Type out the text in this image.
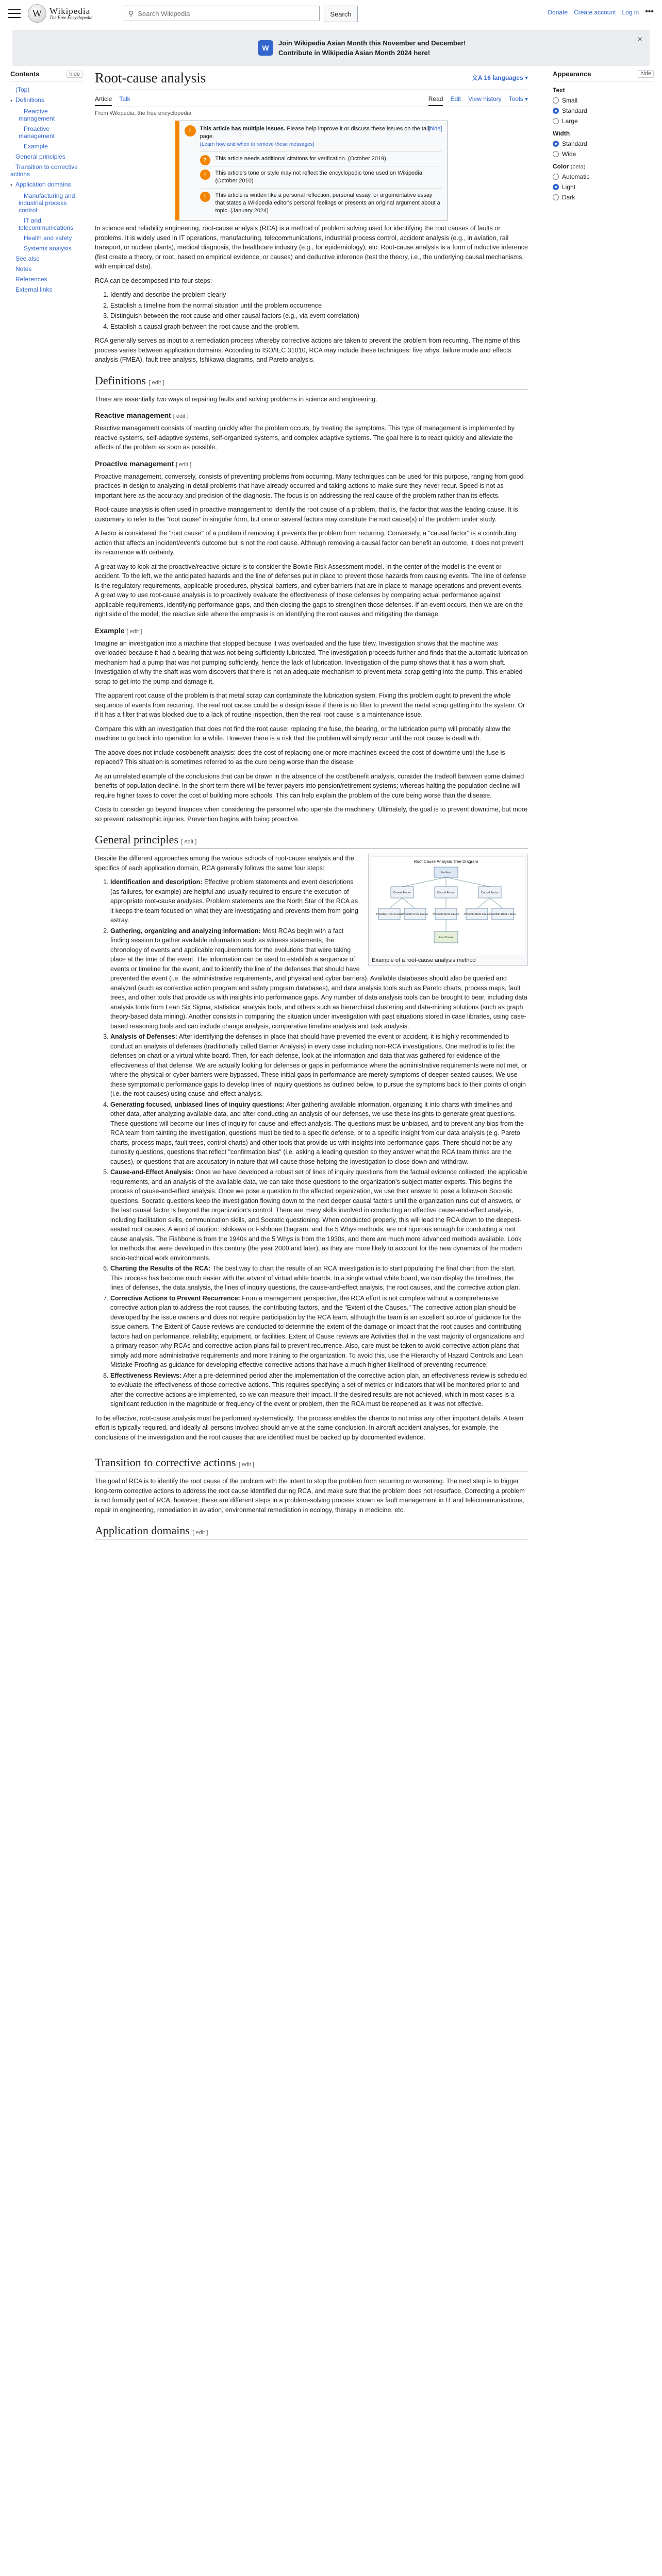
W Wikipedia
The Free Encyclopedia
⚲
Search Wikipedia	Search	Donate Create account Log in •••
W
Join Wikipedia Asian Month this November and December!
Contribute in Wikipedia Asian Month 2024 here!
×
Contents	hide
(Top)
▾ Definitions
Reactive management
Proactive management
Example
General principles
Transition to corrective actions
▾ Application domains
Manufacturing and industrial process control
IT and telecommunications
Health and safety
Systems analysis
See also
Notes
References
External links
Root-cause analysis	文A 16 languages ▾
Article Talk	Read Edit View history Tools ▾
From Wikipedia, the free encyclopedia
!	[hide]
This article has multiple issues. Please help improve it or discuss these issues on the talk page.
(Learn how and when to remove these messages)
?	This article needs additional citations for verification. (October 2019)
!	This article's tone or style may not reflect the encyclopedic tone used on Wikipedia. (October 2010)
!	This article is written like a personal reflection, personal essay, or argumentative essay that states a Wikipedia editor's personal feelings or presents an original argument about a topic. (January 2024)

In science and reliability engineering, root-cause analysis (RCA) is a method of problem solving used for identifying the root causes of faults or problems. It is widely used in IT operations, manufacturing, telecommunications, industrial process control, accident analysis (e.g., in aviation, rail transport, or nuclear plants), medical diagnosis, the healthcare industry (e.g., for epidemiology), etc. Root-cause analysis is a form of inductive inference (first create a theory, or root, based on empirical evidence, or causes) and deductive inference (test the theory, i.e., the underlying causal mechanisms, with empirical data).

RCA can be decomposed into four steps:

1. Identify and describe the problem clearly
2. Establish a timeline from the normal situation until the problem occurrence
3. Distinguish between the root cause and other causal factors (e.g., via event correlation)
4. Establish a causal graph between the root cause and the problem.

RCA generally serves as input to a remediation process whereby corrective actions are taken to prevent the problem from recurring. The name of this process varies between application domains. According to ISO/IEC 31010, RCA may include these techniques: five whys, failure mode and effects analysis (FMEA), fault tree analysis, Ishikawa diagrams, and Pareto analysis.

Definitions [ edit ]

There are essentially two ways of repairing faults and solving problems in science and engineering.

Reactive management [ edit ]

Reactive management consists of reacting quickly after the problem occurs, by treating the symptoms. This type of management is implemented by reactive systems, self-adaptive systems, self-organized systems, and complex adaptive systems. The goal here is to react quickly and alleviate the effects of the problem as soon as possible.

Proactive management [ edit ]

Proactive management, conversely, consists of preventing problems from occurring. Many techniques can be used for this purpose, ranging from good practices in design to analyzing in detail problems that have already occurred and taking actions to make sure they never recur. Speed is not as important here as the accuracy and precision of the diagnosis. The focus is on addressing the real cause of the problem rather than its effects.

Root-cause analysis is often used in proactive management to identify the root cause of a problem, that is, the factor that was the leading cause. It is customary to refer to the "root cause" in singular form, but one or several factors may constitute the root cause(s) of the problem under study.

A factor is considered the "root cause" of a problem if removing it prevents the problem from recurring. Conversely, a "causal factor" is a contributing action that affects an incident/event's outcome but is not the root cause. Although removing a causal factor can benefit an outcome, it does not prevent its recurrence with certainty.

A great way to look at the proactive/reactive picture is to consider the Bowtie Risk Assessment model. In the center of the model is the event or accident. To the left, we the anticipated hazards and the line of defenses put in place to prevent those hazards from causing events. The line of defense is the regulatory requirements, applicable procedures, physical barriers, and cyber barriers that are in place to manage operations and prevent events. A great way to use root-cause analysis is to proactively evaluate the effectiveness of those defenses by comparing actual performance against applicable requirements, identifying performance gaps, and then closing the gaps to strengthen those defenses. If an event occurs, then we are on the right side of the model, the reactive side where the emphasis is on identifying the root causes and mitigating the damage.

Example [ edit ]

Imagine an investigation into a machine that stopped because it was overloaded and the fuse blew. Investigation shows that the machine was overloaded because it had a bearing that was not being sufficiently lubricated. The investigation proceeds further and finds that the automatic lubrication mechanism had a pump that was not pumping sufficiently, hence the lack of lubrication. Investigation of the pump shows that it has a worn shaft. Investigation of why the shaft was worn discovers that there is not an adequate mechanism to prevent metal scrap getting into the pump. This enabled scrap to get into the pump and damage it.

The apparent root cause of the problem is that metal scrap can contaminate the lubrication system. Fixing this problem ought to prevent the whole sequence of events from recurring. The real root cause could be a design issue if there is no filter to prevent the metal scrap getting into the system. Or if it has a filter that was blocked due to a lack of routine inspection, then the real root cause is a maintenance issue.

Compare this with an investigation that does not find the root cause: replacing the fuse, the bearing, or the lubrication pump will probably allow the machine to go back into operation for a while. However there is a risk that the problem will simply recur until the root cause is dealt with.

The above does not include cost/benefit analysis: does the cost of replacing one or more machines exceed the cost of downtime until the fuse is replaced? This situation is sometimes referred to as the cure being worse than the disease.

As an unrelated example of the conclusions that can be drawn in the absence of the cost/benefit analysis, consider the tradeoff between some claimed benefits of population decline. In the short term there will be fewer payers into pension/retirement systems; whereas halting the population decline will require higher taxes to cover the cost of building more schools. This can help explain the problem of the cure being worse than the disease.

Costs to consider go beyond finances when considering the personnel who operate the machinery. Ultimately, the goal is to prevent downtime, but more so prevent catastrophic injuries. Prevention begins with being proactive.

General principles [ edit ]
Root Cause Analysis Tree Diagram
Problem
Causal Factor	Causal Factor	Causal Factor
Possible Root Cause
Possible Root Cause Possible Root Cause Possible Root Cause
Possible Root Cause
Root Cause
Example of a root-cause analysis method

Despite the different approaches among the various schools of root-cause analysis and the specifics of each application domain, RCA generally follows the same four steps:

1. Identification and description: Effective problem statements and event descriptions (as failures, for example) are helpful and usually required to ensure the execution of appropriate root-cause analyses. Problem statements are the North Star of the RCA as it keeps the team focused on what they are investigating and prevents them from going astray.
2. Gathering, organizing and analyzing information: Most RCAs begin with a fact finding session to gather available information such as witness statements, the chronology of events and applicable requirements for the evolutions that were taking place at the time of the event. The information can be used to establish a sequence of events or timeline for the event, and to identify the line of the defenses that should have prevented the event (i.e. the administrative requirements, and physical and cyber barriers). Available databases should also be queried and analyzed (such as corrective action program and safety program databases), and data analysis tools such as Pareto charts, process maps, fault trees, and other tools that provide us with insights into performance gaps. Any number of data analysis tools can be brought to bear, including data analysis tools from Lean Six Sigma, statistical analysis tools, and others such as hierarchical clustering and data-mining solutions (such as graph theory-based data mining). Another consists in comparing the situation under investigation with past situations stored in case libraries, using case-based reasoning tools and can include change analysis, comparative timeline analysis and task analysis.
3. Analysis of Defenses: After identifying the defenses in place that should have prevented the event or accident, it is highly recommended to conduct an analysis of defenses (traditionally called Barrier Analysis) in every case including non-RCA investigations. One method is to list the defenses on chart or a virtual white board. Then, for each defense, look at the information and data that was gathered for evidence of the effectiveness of that defense. We are actually looking for defenses or gaps in performance where the administrative requirements were not met, or where the physical or cyber barriers were bypassed. These initial gaps in performance are merely symptoms of deeper-seated causes. We use these symptomatic performance gaps to develop lines of inquiry questions as outlined below, to pursue the symptoms back to their points of origin (i.e. the root causes) using cause-and-effect analysis.
4. Generating focused, unbiased lines of inquiry questions: After gathering available information, organizing it into charts with timelines and other data, after analyzing available data, and after conducting an analysis of our defenses, we use these insights to generate great questions. These questions will become our lines of inquiry for cause-and-effect analysis. The questions must be unbiased, and to prevent any bias from the RCA team from tainting the investigation, questions must be tied to a specific defense, or to a specific insight from our data analysis (e.g. Pareto charts, process maps, fault trees, control charts) and other tools that provide us with insights into performance gaps. There should not be any curiosity questions, questions that reflect "confirmation bias" (i.e. asking a leading question so they answer what the RCA team thinks are the causes), or questions that are accusatory in nature that will cause those helping the investigation to close down and withdraw.
5. Cause-and-Effect Analysis: Once we have developed a robust set of lines of inquiry questions from the factual evidence collected, the applicable requirements, and an analysis of the available data, we can take those questions to the organization's subject matter experts. This begins the process of cause-and-effect analysis. Once we pose a question to the affected organization, we use their answer to pose a follow-on Socratic questions. Socratic questions keep the investigation flowing down to the next deeper causal factors until the organization runs out of answers, or the last causal factor is beyond the organization's control. There are many skills involved in conducting an effective cause-and-effect analysis, including facilitation skills, communication skills, and Socratic questioning. When conducted properly, this will lead the RCA down to the deepest-seated root causes. A word of caution: Ishikawa or Fishbone Diagram, and the 5 Whys methods, are not rigorous enough for conducting a root cause analysis. The Fishbone is from the 1940s and the 5 Whys is from the 1930s, and there are much more advanced methods available. Look for methods that were developed in this century (the year 2000 and later), as they are more likely to account for the new dynamics of the modern socio-technical work environments.
6. Charting the Results of the RCA: The best way to chart the results of an RCA investigation is to start populating the final chart from the start. This process has become much easier with the advent of virtual white boards. In a single virtual white board, we can display the timelines, the lines of defenses, the data analysis, the lines of inquiry questions, the cause-and-effect analysis, the root causes, and the corrective action plan.
7. Corrective Actions to Prevent Recurrence: From a management perspective, the RCA effort is not complete without a comprehensive corrective action plan to address the root causes, the contributing factors, and the "Extent of the Causes." The corrective action plan should be developed by the issue owners and does not require participation by the RCA team, although the team is an excellent source of guidance for the issue owners. The Extent of Cause reviews are conducted to determine the extent of the damage or impact that the root causes and contributing factors had on performance, reliability, equipment, or facilities. Extent of Cause reviews are Activities that in the vast majority of organizations and a primary reason why RCAs and corrective action plans fail to prevent recurrence. Also, care must be taken to avoid corrective action plans that simply add more administrative requirements and more training to the organization. To avoid this, use the Hierarchy of Hazard Controls and Lean Mistake Proofing as guidance for developing effective corrective actions that have a much higher likelihood of preventing recurrence.
8. Effectiveness Reviews: After a pre-determined period after the implementation of the corrective action plan, an effectiveness review is scheduled to evaluate the effectiveness of those corrective actions. This requires specifying a set of metrics or indicators that will be monitored prior to and after the corrective actions are implemented, so we can measure their impact. If the desired results are not achieved, which in most cases is a significant reduction in the magnitude or frequency of the event or problem, then the RCA must be reopened as it was not effective.

To be effective, root-cause analysis must be performed systematically. The process enables the chance to not miss any other important details. A team effort is typically required, and ideally all persons involved should arrive at the same conclusion. In aircraft accident analyses, for example, the conclusions of the investigation and the root causes that are identified must be backed up by documented evidence.

Transition to corrective actions [ edit ]

The goal of RCA is to identify the root cause of the problem with the intent to stop the problem from recurring or worsening. The next step is to trigger long-term corrective actions to address the root cause identified during RCA, and make sure that the problem does not resurface. Correcting a problem is not formally part of RCA, however; these are different steps in a problem-solving process known as fault management in IT and telecommunications, repair in engineering, remediation in aviation, environmental remediation in ecology, therapy in medicine, etc.

Application domains [ edit ]
Appearance	hide
Text
Small
Standard
Large
Width
Standard
Wide
Color (beta)
Automatic
Light
Dark
